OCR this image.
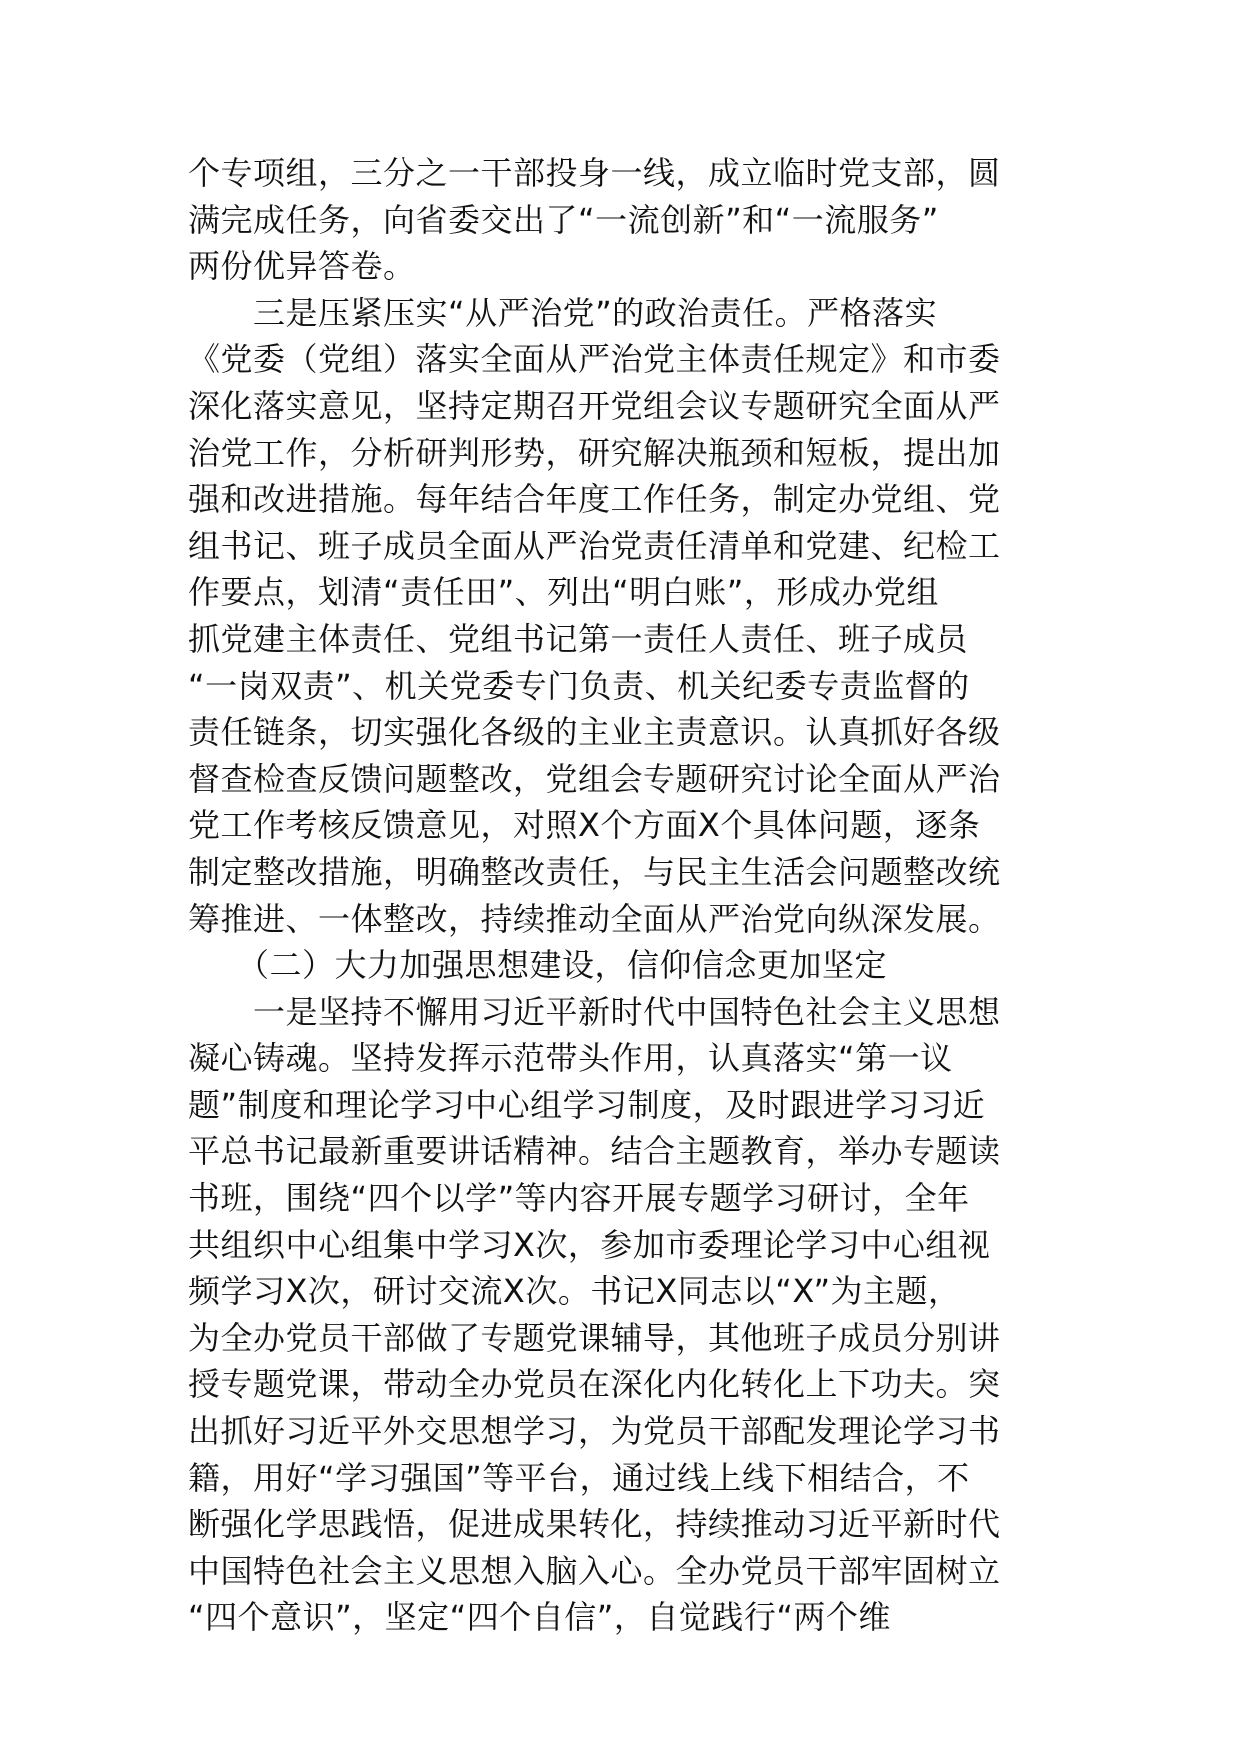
个专项组，三分之一干部投身一线，成立临时党支部，圆
满完成任务，向省委交出了“一流创新”和“一流服务”
两份优异答卷。
　　三是压紧压实“从严治党”的政治责任。严格落实
《党委（党组）落实全面从严治党主体责任规定》和市委
深化落实意见，坚持定期召开党组会议专题研究全面从严
治党工作，分析研判形势，研究解决瓶颈和短板，提出加
强和改进措施。每年结合年度工作任务，制定办党组、党
组书记、班子成员全面从严治党责任清单和党建、纪检工
作要点，划清“责任田”、列出“明白账”，形成办党组
抓党建主体责任、党组书记第一责任人责任、班子成员
“一岗双责”、机关党委专门负责、机关纪委专责监督的
责任链条，切实强化各级的主业主责意识。认真抓好各级
督查检查反馈问题整改，党组会专题研究讨论全面从严治
党工作考核反馈意见，对照X个方面X个具体问题，逐条
制定整改措施，明确整改责任，与民主生活会问题整改统
筹推进、一体整改，持续推动全面从严治党向纵深发展。
　　（二）大力加强思想建设，信仰信念更加坚定
　　一是坚持不懈用习近平新时代中国特色社会主义思想
凝心铸魂。坚持发挥示范带头作用，认真落实“第一议
题”制度和理论学习中心组学习制度，及时跟进学习习近
平总书记最新重要讲话精神。结合主题教育，举办专题读
书班，围绕“四个以学”等内容开展专题学习研讨，全年
共组织中心组集中学习X次，参加市委理论学习中心组视
频学习X次，研讨交流X次。书记X同志以“X”为主题，
为全办党员干部做了专题党课辅导，其他班子成员分别讲
授专题党课，带动全办党员在深化内化转化上下功夫。突
出抓好习近平外交思想学习，为党员干部配发理论学习书
籍，用好“学习强国”等平台，通过线上线下相结合，不
断强化学思践悟，促进成果转化，持续推动习近平新时代
中国特色社会主义思想入脑入心。全办党员干部牢固树立
“四个意识”，坚定“四个自信”，自觉践行“两个维
